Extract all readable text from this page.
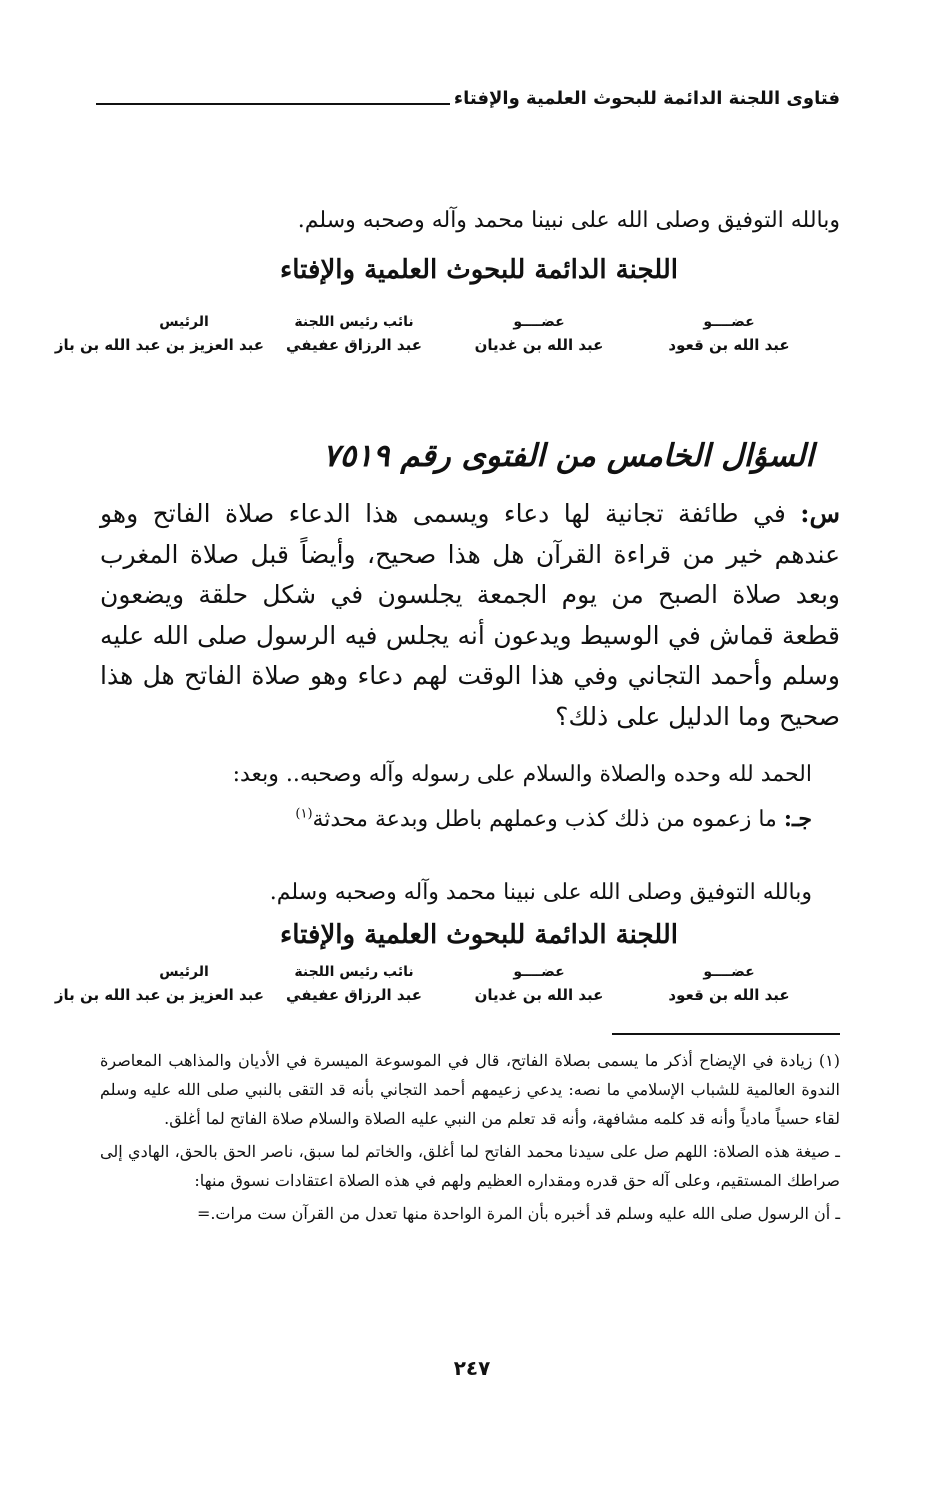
فتاوى اللجنة الدائمة للبحوث العلمية والإفتاء
وبالله التوفيق وصلى الله على نبينا محمد وآله وصحبه وسلم.
اللجنة الدائمة للبحوث العلمية والإفتاء
عضــــو
عبد الله بن قعود
عضــــو
عبد الله بن غديان
نائب رئيس اللجنة
عبد الرزاق عفيفي
الرئيس
عبد العزيز بن عبد الله بن باز
السؤال الخامس من الفتوى رقم ٧٥١٩
س: في طائفة تجانية لها دعاء ويسمى هذا الدعاء صلاة الفاتح وهو عندهم خير من قراءة القرآن هل هذا صحيح، وأيضاً قبل صلاة المغرب وبعد صلاة الصبح من يوم الجمعة يجلسون في شكل حلقة ويضعون قطعة قماش في الوسيط ويدعون أنه يجلس فيه الرسول صلى الله عليه وسلم وأحمد التجاني وفي هذا الوقت لهم دعاء وهو صلاة الفاتح هل هذا صحيح وما الدليل على ذلك؟
الحمد لله وحده والصلاة والسلام على رسوله وآله وصحبه.. وبعد:
جـ: ما زعموه من ذلك كذب وعملهم باطل وبدعة محدثة$^{(١)}$
وبالله التوفيق وصلى الله على نبينا محمد وآله وصحبه وسلم.
اللجنة الدائمة للبحوث العلمية والإفتاء
عضــــو
عبد الله بن قعود
عضــــو
عبد الله بن غديان
نائب رئيس اللجنة
عبد الرزاق عفيفي
الرئيس
عبد العزيز بن عبد الله بن باز

(١) زيادة في الإيضاح أذكر ما يسمى بصلاة الفاتح، قال في الموسوعة الميسرة في الأديان والمذاهب المعاصرة الندوة العالمية للشباب الإسلامي ما نصه: يدعي زعيمهم أحمد التجاني بأنه قد التقى بالنبي صلى الله عليه وسلم لقاء حسياً مادياً وأنه قد كلمه مشافهة، وأنه قد تعلم من النبي عليه الصلاة والسلام صلاة الفاتح لما أغلق.

ـ صيغة هذه الصلاة: اللهم صل على سيدنا محمد الفاتح لما أغلق، والخاتم لما سبق، ناصر الحق بالحق، الهادي إلى صراطك المستقيم، وعلى آله حق قدره ومقداره العظيم ولهم في هذه الصلاة اعتقادات نسوق منها:

ـ أن الرسول صلى الله عليه وسلم قد أخبره بأن المرة الواحدة منها تعدل من القرآن ست مرات.=

٢٤٧
